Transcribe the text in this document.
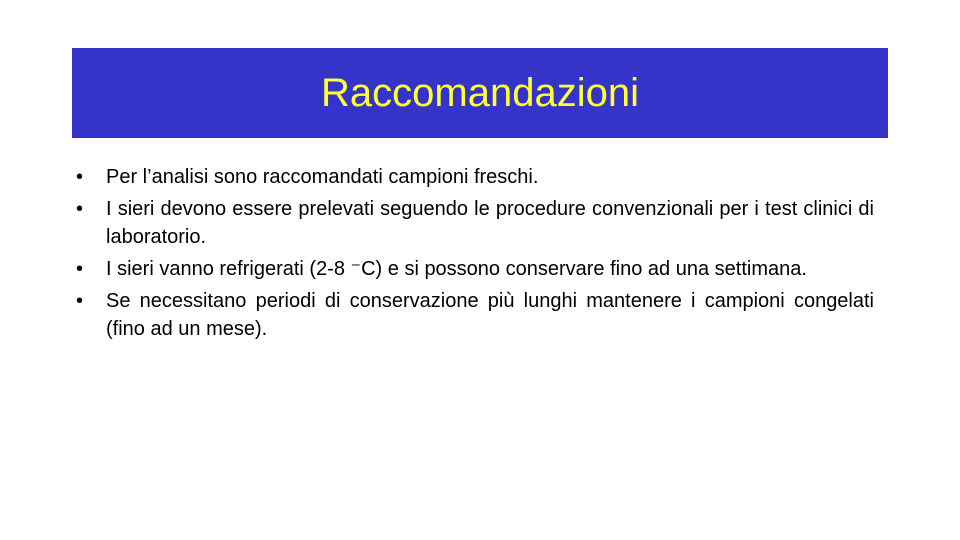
Raccomandazioni
•	Per l’analisi sono raccomandati campioni freschi.
•	I sieri devono essere prelevati seguendo le procedure convenzionali per i test clinici di laboratorio.
•	I sieri vanno refrigerati (2-8 ⁻C) e si possono conservare fino ad una settimana.
•	Se necessitano periodi di conservazione più lunghi mantenere i campioni congelati (fino ad un mese).
